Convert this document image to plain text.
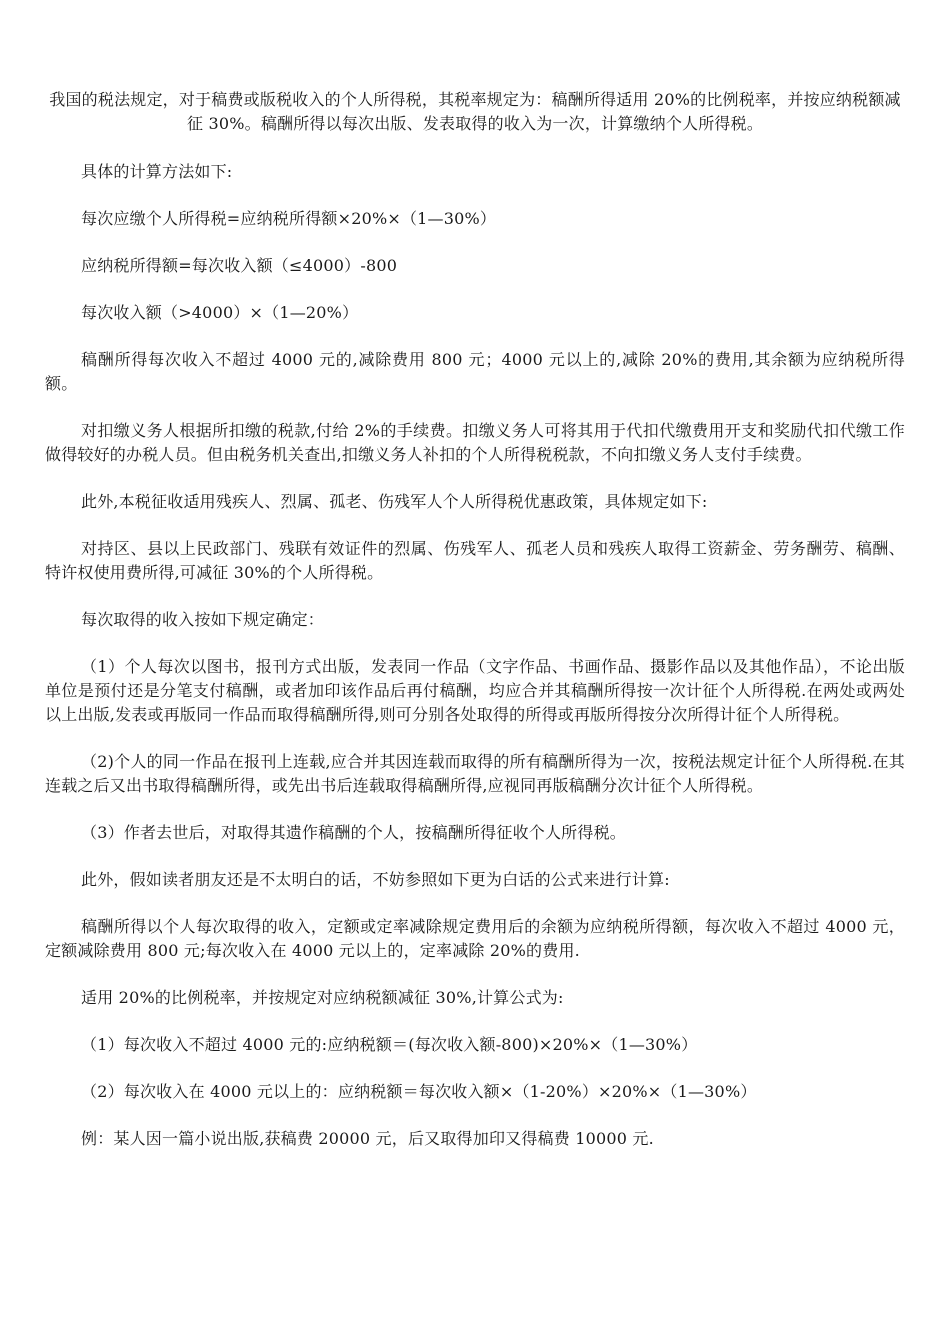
我国的税法规定，对于稿费或版税收入的个人所得税，其税率规定为：稿酬所得适用 20%的比例税率，并按应纳税额减征 30%。稿酬所得以每次出版、发表取得的收入为一次，计算缴纳个人所得税。

具体的计算方法如下:

每次应缴个人所得税=应纳税所得额×20%×（1—30%）

应纳税所得额=每次收入额（≤4000）-800

每次收入额（>4000）×（1—20%）

稿酬所得每次收入不超过 4000 元的,减除费用 800 元；4000 元以上的,减除 20%的费用,其余额为应纳税所得额。

对扣缴义务人根据所扣缴的税款,付给 2%的手续费。扣缴义务人可将其用于代扣代缴费用开支和奖励代扣代缴工作做得较好的办税人员。但由税务机关查出,扣缴义务人补扣的个人所得税税款，不向扣缴义务人支付手续费。

此外,本税征收适用残疾人、烈属、孤老、伤残军人个人所得税优惠政策，具体规定如下:

对持区、县以上民政部门、残联有效证件的烈属、伤残军人、孤老人员和残疾人取得工资薪金、劳务酬劳、稿酬、特许权使用费所得,可减征 30%的个人所得税。

每次取得的收入按如下规定确定：

（1）个人每次以图书，报刊方式出版，发表同一作品（文字作品、书画作品、摄影作品以及其他作品），不论出版单位是预付还是分笔支付稿酬，或者加印该作品后再付稿酬，均应合并其稿酬所得按一次计征个人所得税.在两处或两处以上出版,发表或再版同一作品而取得稿酬所得,则可分别各处取得的所得或再版所得按分次所得计征个人所得税。

（2)个人的同一作品在报刊上连载,应合并其因连载而取得的所有稿酬所得为一次，按税法规定计征个人所得税.在其连载之后又出书取得稿酬所得，或先出书后连载取得稿酬所得,应视同再版稿酬分次计征个人所得税。

（3）作者去世后，对取得其遗作稿酬的个人，按稿酬所得征收个人所得税。

此外，假如读者朋友还是不太明白的话，不妨参照如下更为白话的公式来进行计算:

稿酬所得以个人每次取得的收入，定额或定率减除规定费用后的余额为应纳税所得额，每次收入不超过 4000 元，定额减除费用 800 元;每次收入在 4000 元以上的，定率减除 20%的费用.

适用 20%的比例税率，并按规定对应纳税额减征 30%,计算公式为:

（1）每次收入不超过 4000 元的:应纳税额＝(每次收入额-800)×20%×（1—30%）

（2）每次收入在 4000 元以上的：应纳税额＝每次收入额×（1-20%）×20%×（1—30%）

例：某人因一篇小说出版,获稿费 20000 元，后又取得加印又得稿费 10000 元.
